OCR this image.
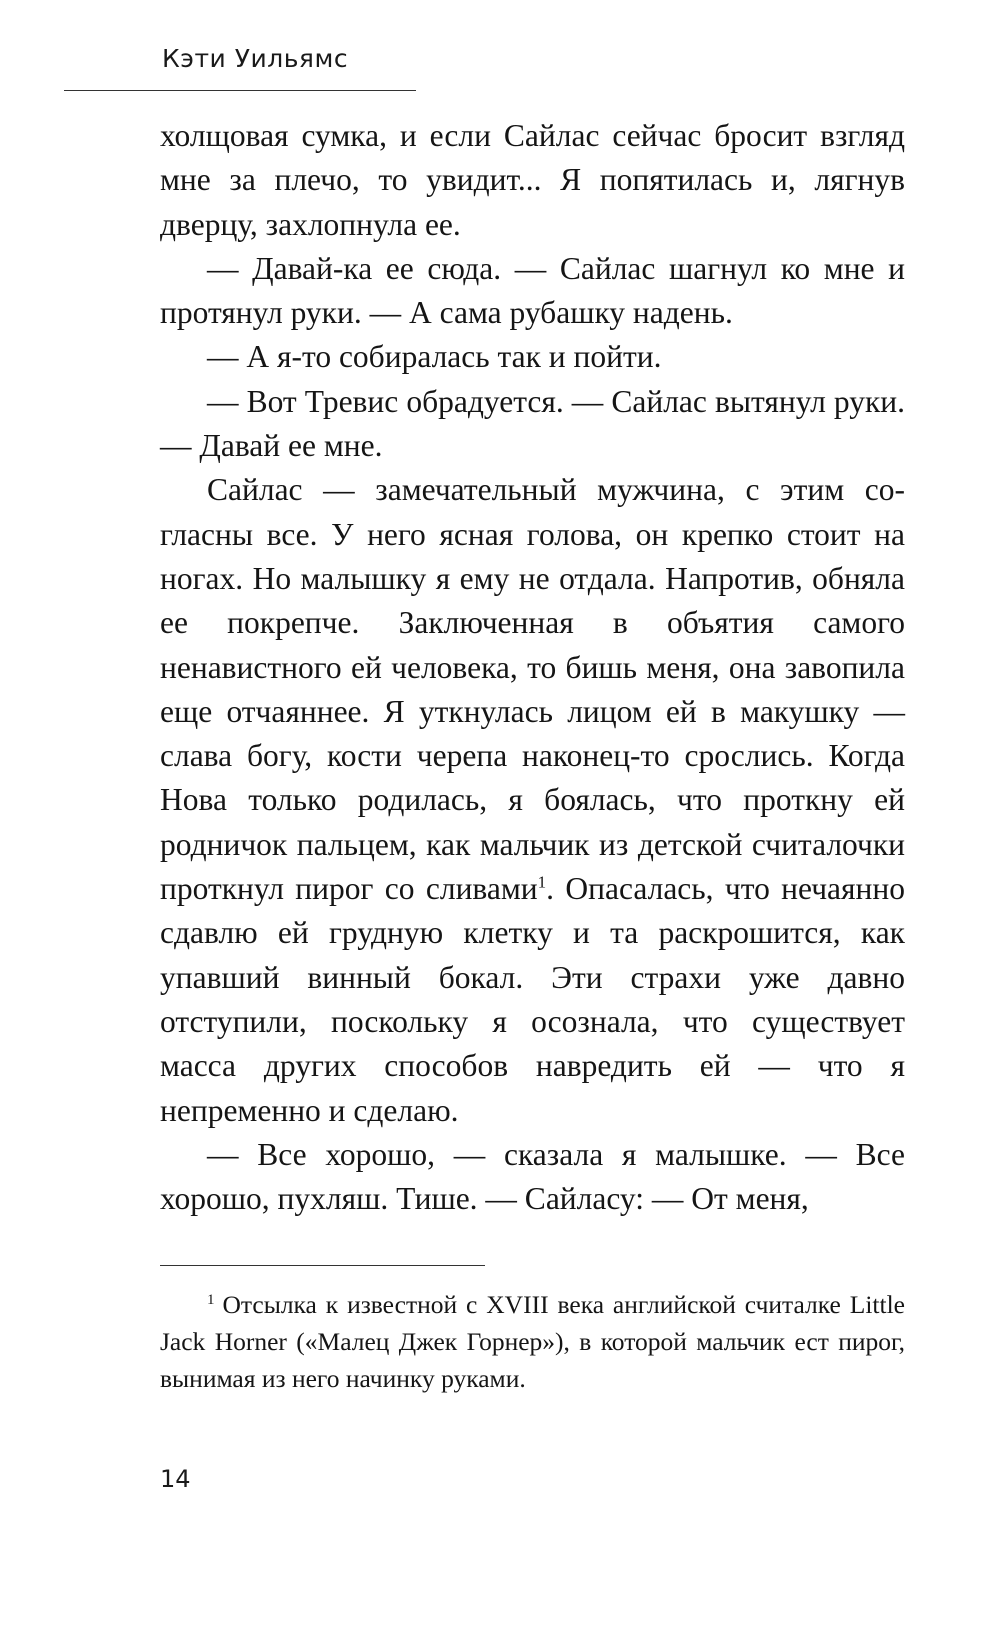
Кэти Уильямс

холщовая сумка, и если Сайлас сейчас бросит взгляд мне за плечо, то увидит... Я попятилась и, лягнув дверцу, захлопнула ее.

— Давай-ка ее сюда. — Сайлас шагнул ко мне и протянул руки. — А сама рубашку надень.

— А я-то собиралась так и пойти.

— Вот Тревис обрадуется. — Сайлас вытянул руки. — Давай ее мне.

Сайлас — замечательный мужчина, с этим согласны все. У него ясная голова, он крепко стоит на ногах. Но малышку я ему не отдала. Напротив, обняла ее покрепче. Заключенная в объятия самого ненавистного ей человека, то бишь меня, она завопила еще отчаяннее. Я уткнулась лицом ей в макушку — слава богу, кости черепа наконец-то срослись. Когда Нова только родилась, я боялась, что проткну ей родничок пальцем, как мальчик из детской считалочки проткнул пирог со сливами$^1$. Опасалась, что нечаянно сдавлю ей грудную клетку и та раскрошится, как упавший винный бокал. Эти страхи уже давно отступили, поскольку я осознала, что существует масса других способов навредить ей — что я непременно и сделаю.

— Все хорошо, — сказала я малышке. — Все хорошо, пухляш. Тише. — Сайласу: — От меня,

$^1$ Отсылка к известной с XVIII века английской считалке Little Jack Horner («Малец Джек Горнер»), в которой мальчик ест пирог, вынимая из него начинку руками.

14
